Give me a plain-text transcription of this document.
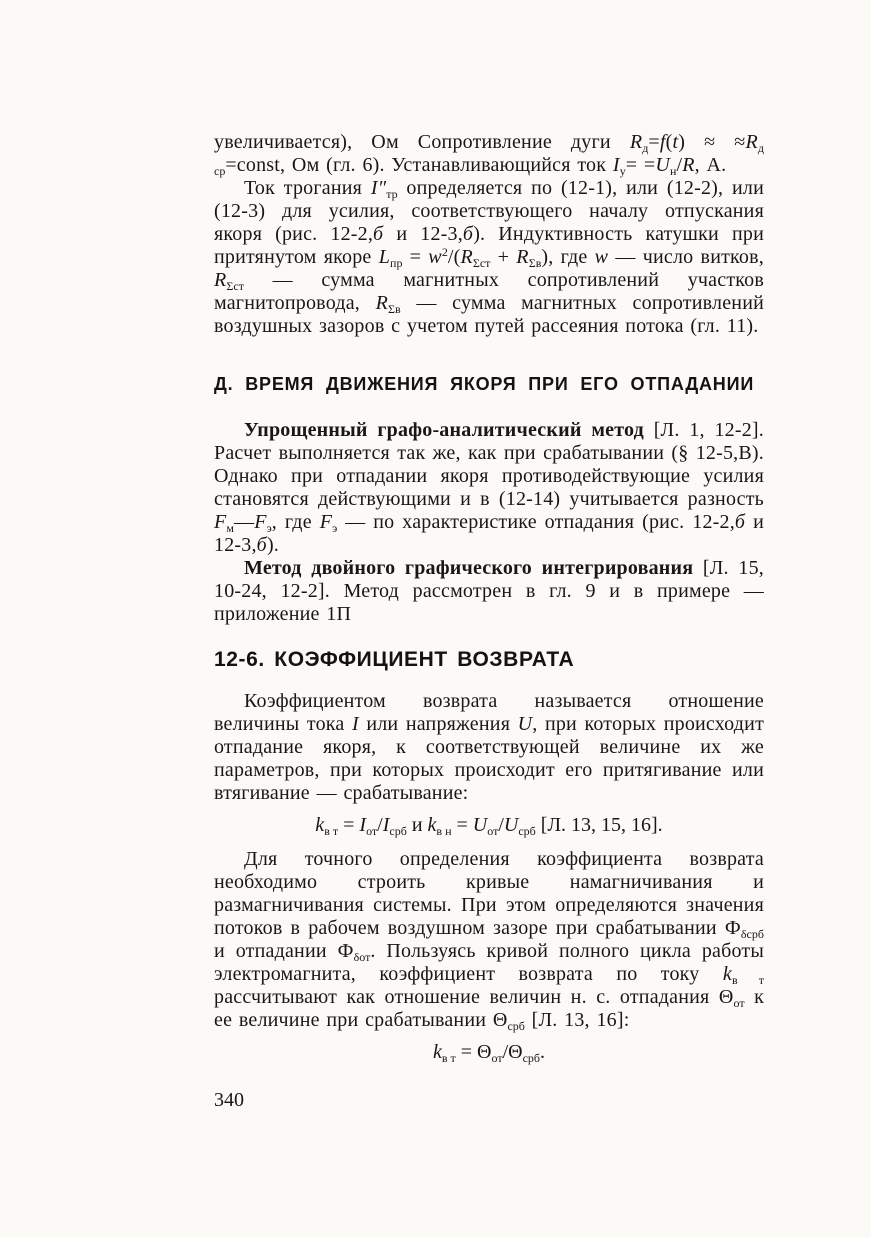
увеличивается), Ом Сопротивление дуги $R_д=f(t)$ ≈ $\approx R_{д ср}=const$, Ом (гл. 6). Устанавливающийся ток $I_у= =U_н/R$, А.
Ток трогания $I''_{тр}$ определяется по (12-1), или (12-2), или (12-3) для усилия, соответствующего началу отпускания якоря (рис. 12-2,б и 12-3,б). Индуктивность катушки при притянутом якоре $L_{пр} = w^2/(R_{\Sigma ст} + R_{\Sigma в})$, где w — число витков, $R_{\Sigma ст}$ — сумма магнитных сопротивлений участков магнитопровода, $R_{\Sigma в}$ — сумма магнитных сопротивлений воздушных зазоров с учетом путей рассеяния потока (гл. 11).
Д. ВРЕМЯ ДВИЖЕНИЯ ЯКОРЯ ПРИ ЕГО ОТПАДАНИИ
Упрощенный графо-аналитический метод [Л. 1, 12-2]. Расчет выполняется так же, как при срабатывании (§ 12-5,В). Однако при отпадании якоря противодействующие усилия становятся действующими и в (12-14) учитывается разность $F_м—F_э$, где $F_э$ — по характеристике отпадания (рис. 12-2,б и 12-3,б).
Метод двойного графического интегрирования [Л. 15, 10-24, 12-2]. Метод рассмотрен в гл. 9 и в примере — приложение 1П
12-6. КОЭФФИЦИЕНТ ВОЗВРАТА
Коэффициентом возврата называется отношение величины тока I или напряжения U, при которых происходит отпадание якоря, к соответствующей величине их же параметров, при которых происходит его притягивание или втягивание — срабатывание:
$k_{в т} = I_{от}/I_{срб}$ и $k_{в н} = U_{от}/U_{срб}$ [Л. 13, 15, 16].
Для точного определения коэффициента возврата необходимо строить кривые намагничивания и размагничивания системы. При этом определяются значения потоков в рабочем воздушном зазоре при срабатывании $Ф_{\delta срб}$ и отпадании $Ф_{\delta от}$. Пользуясь кривой полного цикла работы электромагнита, коэффициент возврата по току $k_{в т}$ рассчитывают как отношение величин н. с. отпадания $\Theta_{от}$ к ее величине при срабатывании $\Theta_{срб}$ [Л. 13, 16]:
$k_{в т} = \Theta_{от}/\Theta_{срб}$.
340
